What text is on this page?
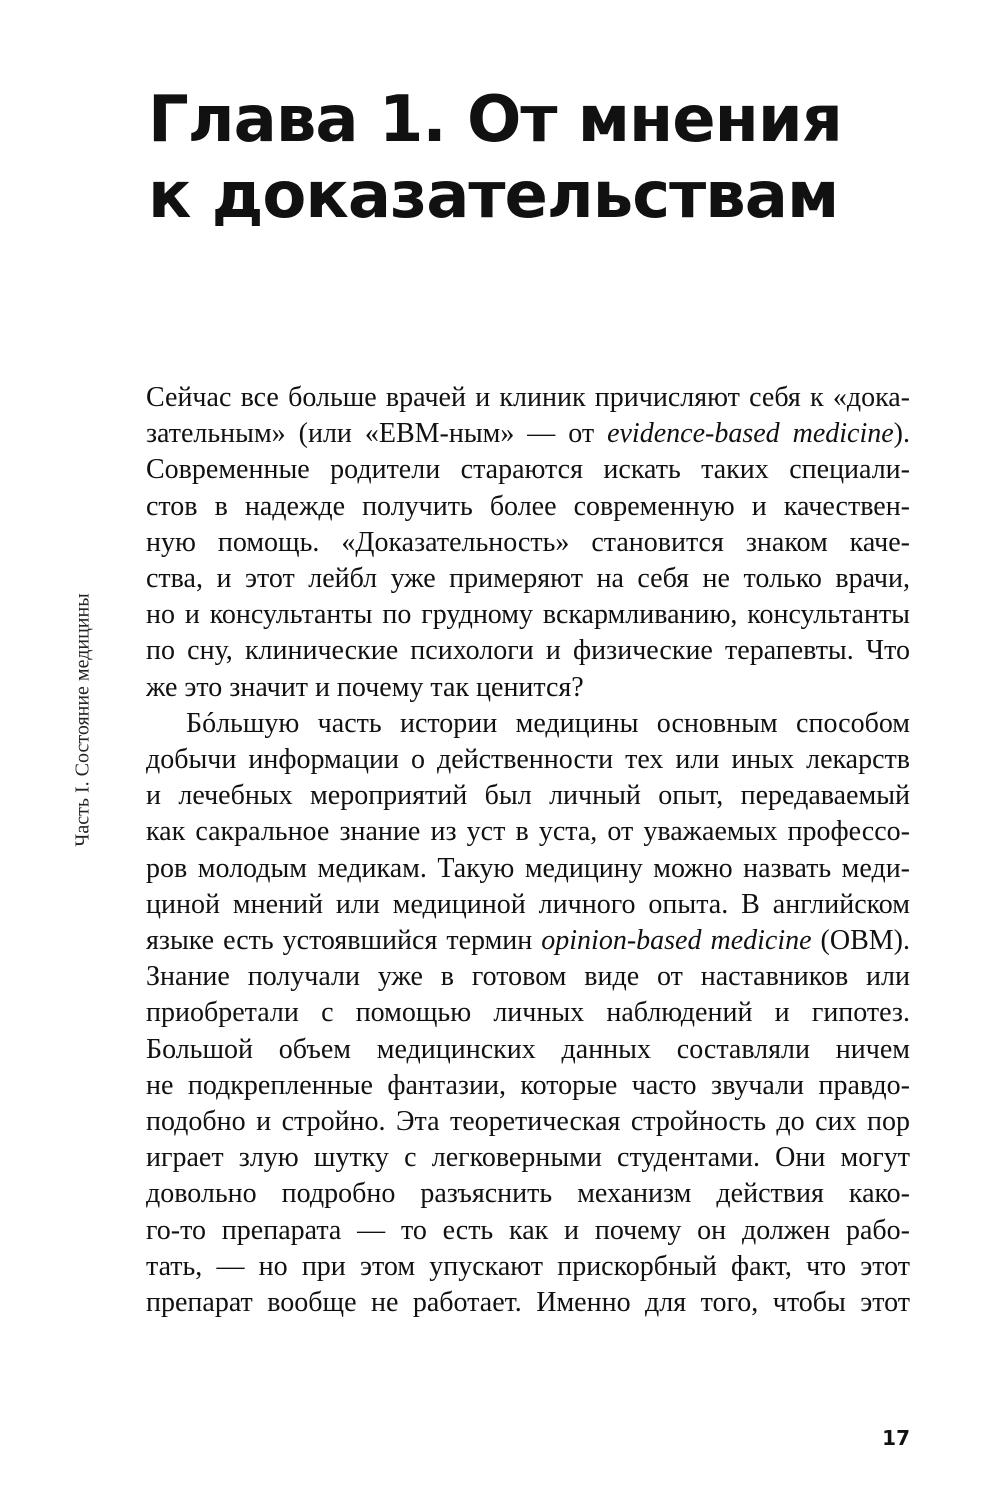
Глава 1. От мнения
к доказательствам
Часть I. Состояние медицины
Сейчас все больше врачей и клиник причисляют себя к «дока-
зательным» (или «EBM-ным» — от evidence-based medicine).
Современные родители стараются искать таких специали-
стов в надежде получить более современную и качествен-
ную помощь. «Доказательность» становится знаком каче-
ства, и этот лейбл уже примеряют на себя не только врачи,
но и консультанты по грудному вскармливанию, консультанты
по сну, клинические психологи и физические терапевты. Что
же это значит и почему так ценится?
Бóльшую часть истории медицины основным способом
добычи информации о действенности тех или иных лекарств
и лечебных мероприятий был личный опыт, передаваемый
как сакральное знание из уст в уста, от уважаемых профессо-
ров молодым медикам. Такую медицину можно назвать меди-
циной мнений или медициной личного опыта. В английском
языке есть устоявшийся термин opinion-based medicine (OBM).
Знание получали уже в готовом виде от наставников или
приобретали с помощью личных наблюдений и гипотез.
Большой объем медицинских данных составляли ничем
не подкрепленные фантазии, которые часто звучали правдо-
подобно и стройно. Эта теоретическая стройность до сих пор
играет злую шутку с легковерными студентами. Они могут
довольно подробно разъяснить механизм действия како-
го-то препарата — то есть как и почему он должен рабо-
тать, — но при этом упускают прискорбный факт, что этот
препарат вообще не работает. Именно для того, чтобы этот
17
